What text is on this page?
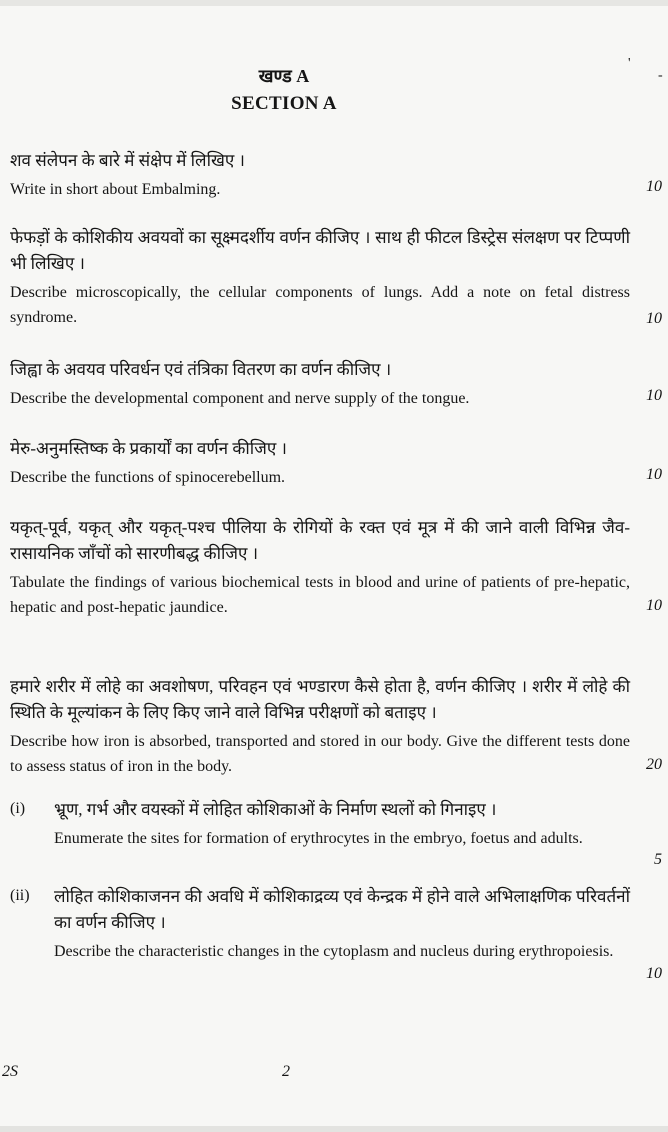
खण्ड A
SECTION A
'
-
शव संलेपन के बारे में संक्षेप में लिखिए ।
Write in short about Embalming.	10
फेफड़ों के कोशिकीय अवयवों का सूक्ष्मदर्शीय वर्णन कीजिए । साथ ही फीटल डिस्ट्रेस संलक्षण पर टिप्पणी भी लिखिए ।
Describe microscopically, the cellular components of lungs. Add a note on fetal distress syndrome.	10
जिह्वा के अवयव परिवर्धन एवं तंत्रिका वितरण का वर्णन कीजिए ।
Describe the developmental component and nerve supply of the tongue.	10
मेरु-अनुमस्तिष्क के प्रकार्यों का वर्णन कीजिए ।
Describe the functions of spinocerebellum.	10
यकृत्-पूर्व, यकृत् और यकृत्-पश्च पीलिया के रोगियों के रक्त एवं मूत्र में की जाने वाली विभिन्न जैव-रासायनिक जाँचों को सारणीबद्ध कीजिए ।
Tabulate the findings of various biochemical tests in blood and urine of patients of pre-hepatic, hepatic and post-hepatic jaundice.	10
हमारे शरीर में लोहे का अवशोषण, परिवहन एवं भण्डारण कैसे होता है, वर्णन कीजिए । शरीर में लोहे की स्थिति के मूल्यांकन के लिए किए जाने वाले विभिन्न परीक्षणों को बताइए ।
Describe how iron is absorbed, transported and stored in our body. Give the different tests done to assess status of iron in the body.	20
(i)	भ्रूण, गर्भ और वयस्कों में लोहित कोशिकाओं के निर्माण स्थलों को गिनाइए ।
Enumerate the sites for formation of erythrocytes in the embryo, foetus and adults.
5
(ii)	लोहित कोशिकाजनन की अवधि में कोशिकाद्रव्य एवं केन्द्रक में होने वाले अभिलाक्षणिक परिवर्तनों का वर्णन कीजिए ।
Describe the characteristic changes in the cytoplasm and nucleus during erythropoiesis.
10
2S	2
